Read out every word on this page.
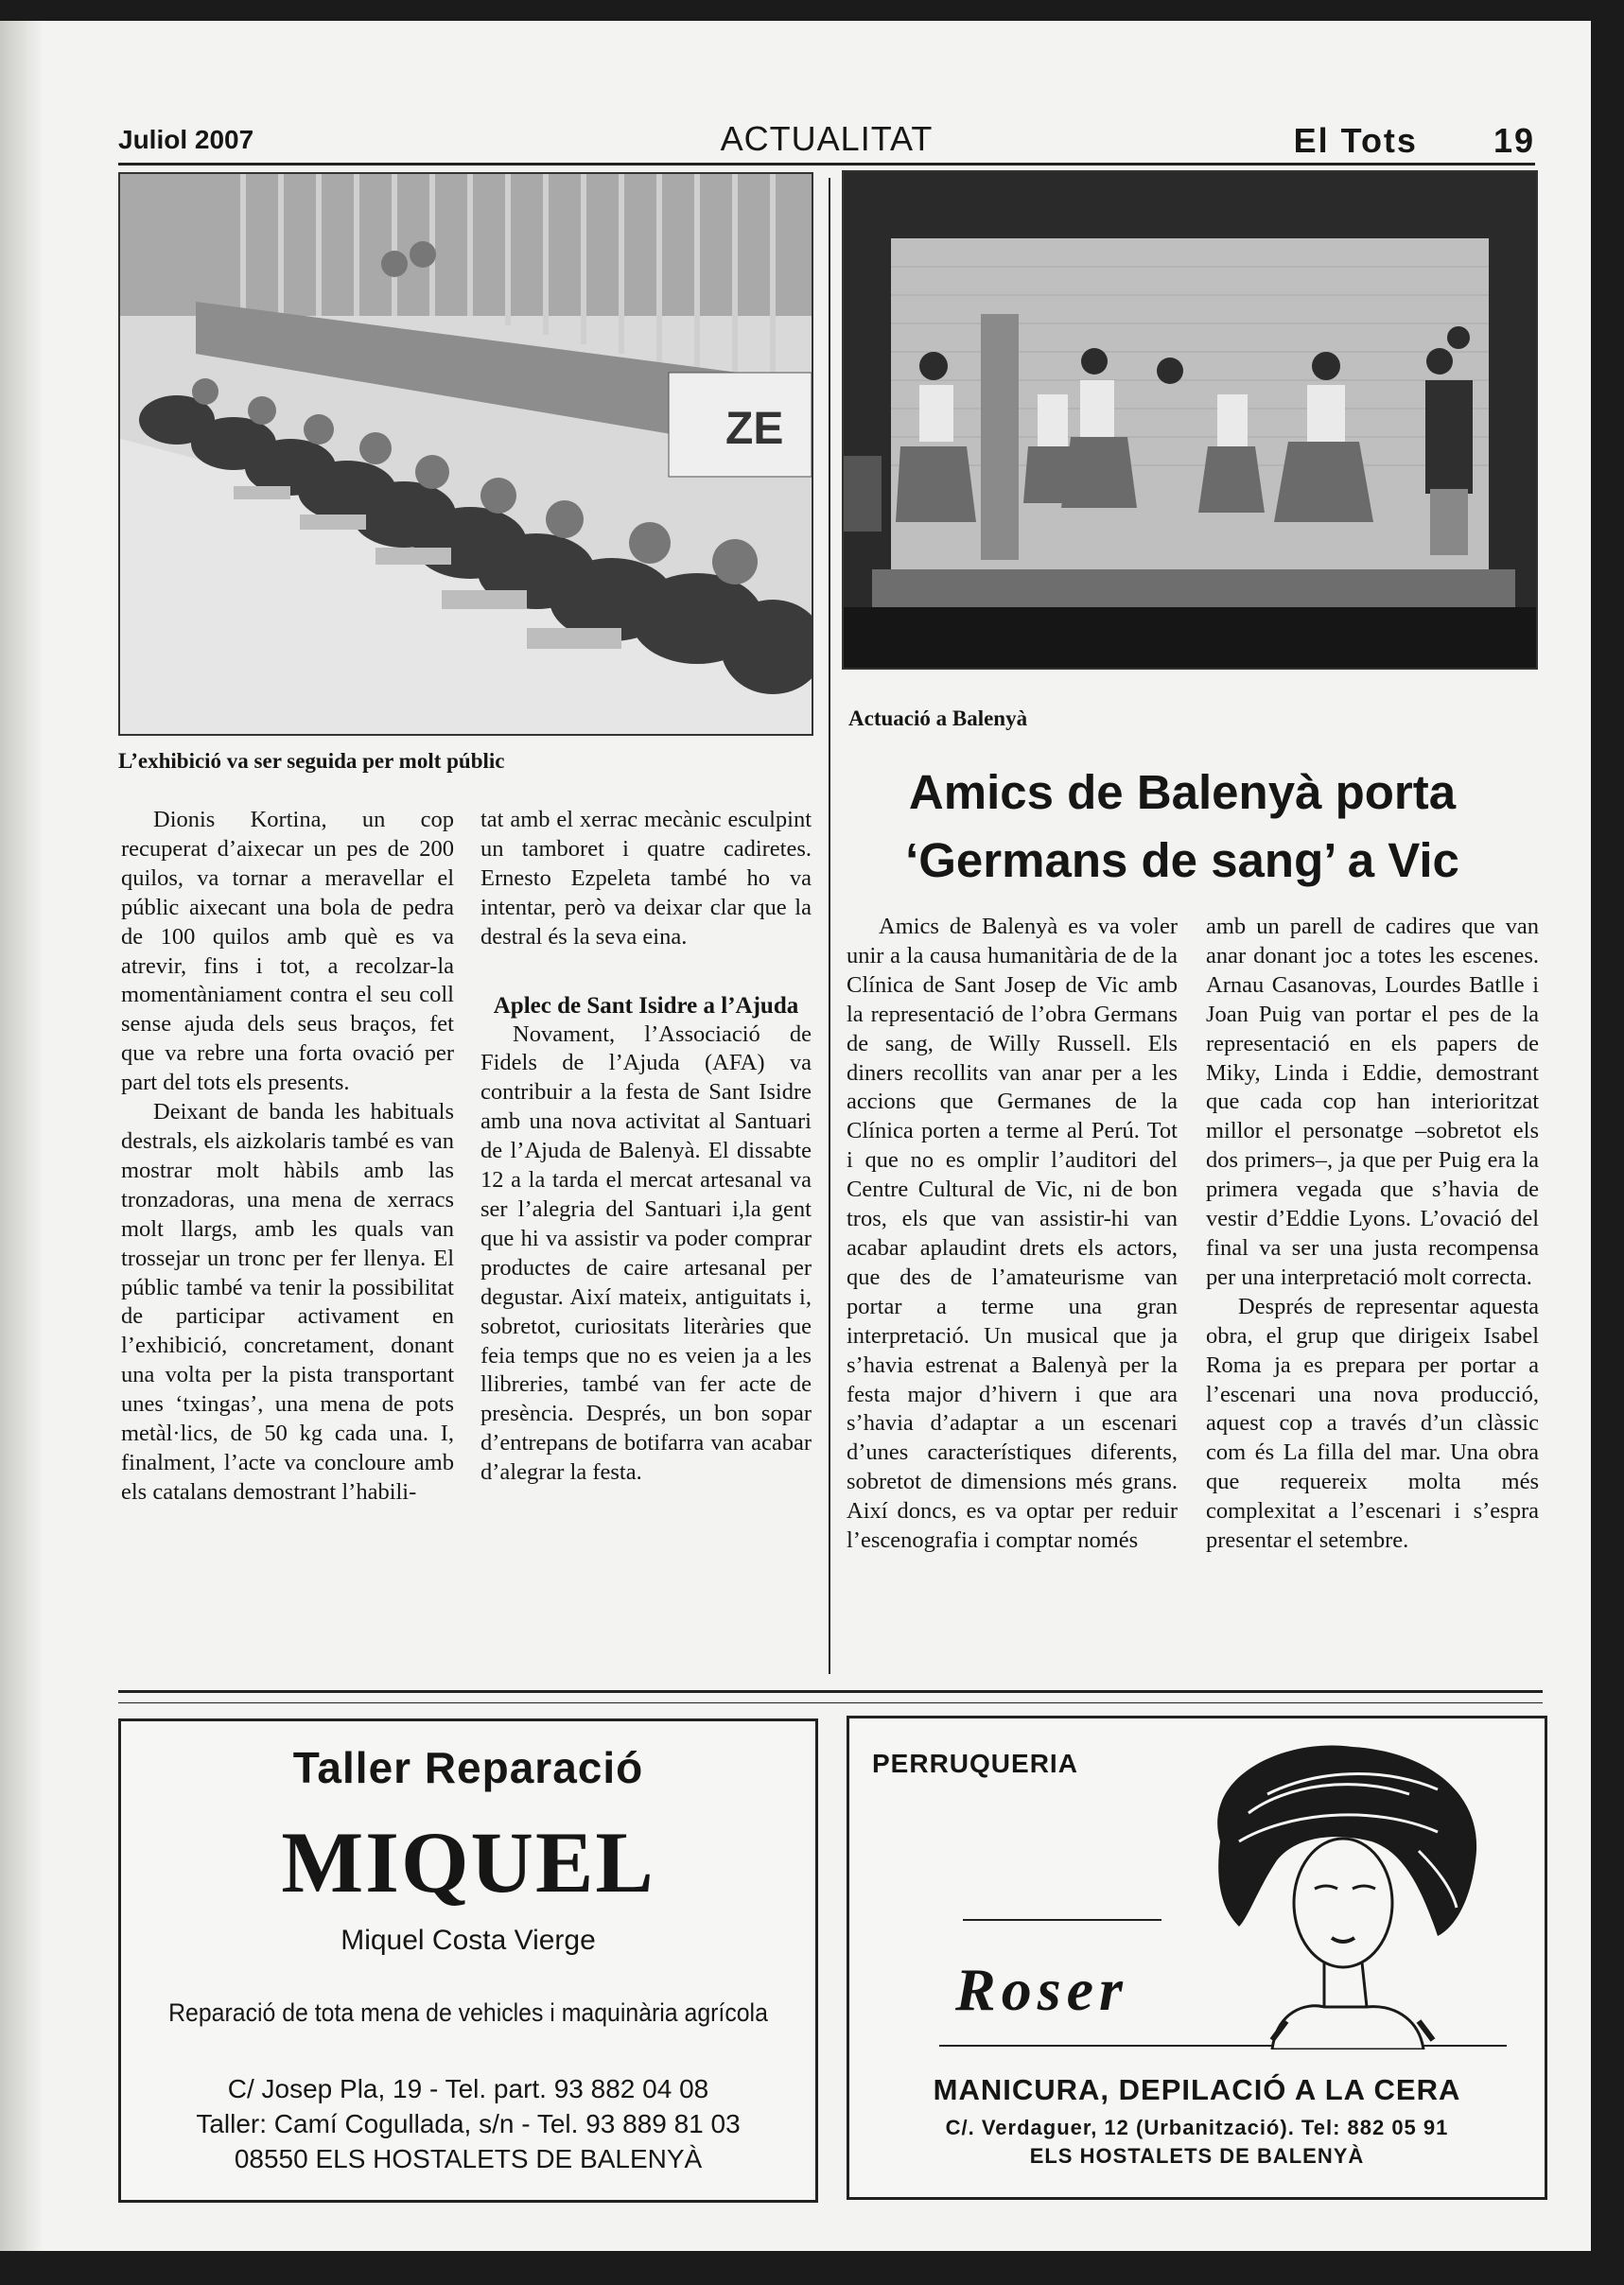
Juliol 2007	ACTUALITAT	El Tots 19
ZE
L’exhibició va ser seguida per molt públic

Dionis Kortina, un cop recuperat d’aixecar un pes de 200 quilos, va tornar a meravellar el públic aixecant una bola de pedra de 100 quilos amb què es va atrevir, fins i tot, a recolzar-la momentàniament contra el seu coll sense ajuda dels seus braços, fet que va rebre una forta ovació per part del tots els presents.

Deixant de banda les habituals destrals, els aizkolaris també es van mostrar molt hàbils amb las tronzadoras, una mena de xerracs molt llargs, amb les quals van trossejar un tronc per fer llenya. El públic també va tenir la possibilitat de participar activament en l’exhibició, concretament, donant una volta per la pista transportant unes ‘txingas’, una mena de pots metàl·lics, de 50 kg cada una. I, finalment, l’acte va concloure amb els catalans demostrant l’habili-

tat amb el xerrac mecànic esculpint un tamboret i quatre cadiretes. Ernesto Ezpeleta també ho va intentar, però va deixar clar que la destral és la seva eina.

Aplec de Sant Isidre a l’Ajuda

Novament, l’Associació de Fidels de l’Ajuda (AFA) va contribuir a la festa de Sant Isidre amb una nova activitat al Santuari de l’Ajuda de Balenyà. El dissabte 12 a la tarda el mercat artesanal va ser l’alegria del Santuari i,la gent que hi va assistir va poder comprar productes de caire artesanal per degustar. Així mateix, antiguitats i, sobretot, curiositats literàries que feia temps que no es veien ja a les llibreries, també van fer acte de presència. Després, un bon sopar d’entrepans de botifarra van acabar d’alegrar la festa.

Actuació a Balenyà
Amics de Balenyà porta ‘Germans de sang’ a Vic

Amics de Balenyà es va voler unir a la causa humanitària de de la Clínica de Sant Josep de Vic amb la representació de l’obra Germans de sang, de Willy Russell. Els diners recollits van anar per a les accions que Germanes de la Clínica porten a terme al Perú. Tot i que no es omplir l’auditori del Centre Cultural de Vic, ni de bon tros, els que van assistir-hi van acabar aplaudint drets els actors, que des de l’amateurisme van portar a terme una gran interpretació. Un musical que ja s’havia estrenat a Balenyà per la festa major d’hivern i que ara s’havia d’adaptar a un escenari d’unes característiques diferents, sobretot de dimensions més grans. Així doncs, es va optar per reduir l’escenografia i comptar només

amb un parell de cadires que van anar donant joc a totes les escenes. Arnau Casanovas, Lourdes Batlle i Joan Puig van portar el pes de la representació en els papers de Miky, Linda i Eddie, demostrant que cada cop han interioritzat millor el personatge –sobretot els dos primers–, ja que per Puig era la primera vegada que s’havia de vestir d’Eddie Lyons. L’ovació del final va ser una justa recompensa per una interpretació molt correcta.

Després de representar aquesta obra, el grup que dirigeix Isabel Roma ja es prepara per portar a l’escenari una nova producció, aquest cop a través d’un clàssic com és La filla del mar. Una obra que requereix molta més complexitat a l’escenari i s’espra presentar el setembre.

Taller Reparació
MIQUEL
Miquel Costa Vierge
Reparació de tota mena de vehicles i maquinària agrícola
C/ Josep Pla, 19 - Tel. part. 93 882 04 08
Taller: Camí Cogullada, s/n - Tel. 93 889 81 03
08550 ELS HOSTALETS DE BALENYÀ
PERRUQUERIA
Roser
MANICURA, DEPILACIÓ A LA CERA
C/. Verdaguer, 12 (Urbanització). Tel: 882 05 91
ELS HOSTALETS DE BALENYÀ
